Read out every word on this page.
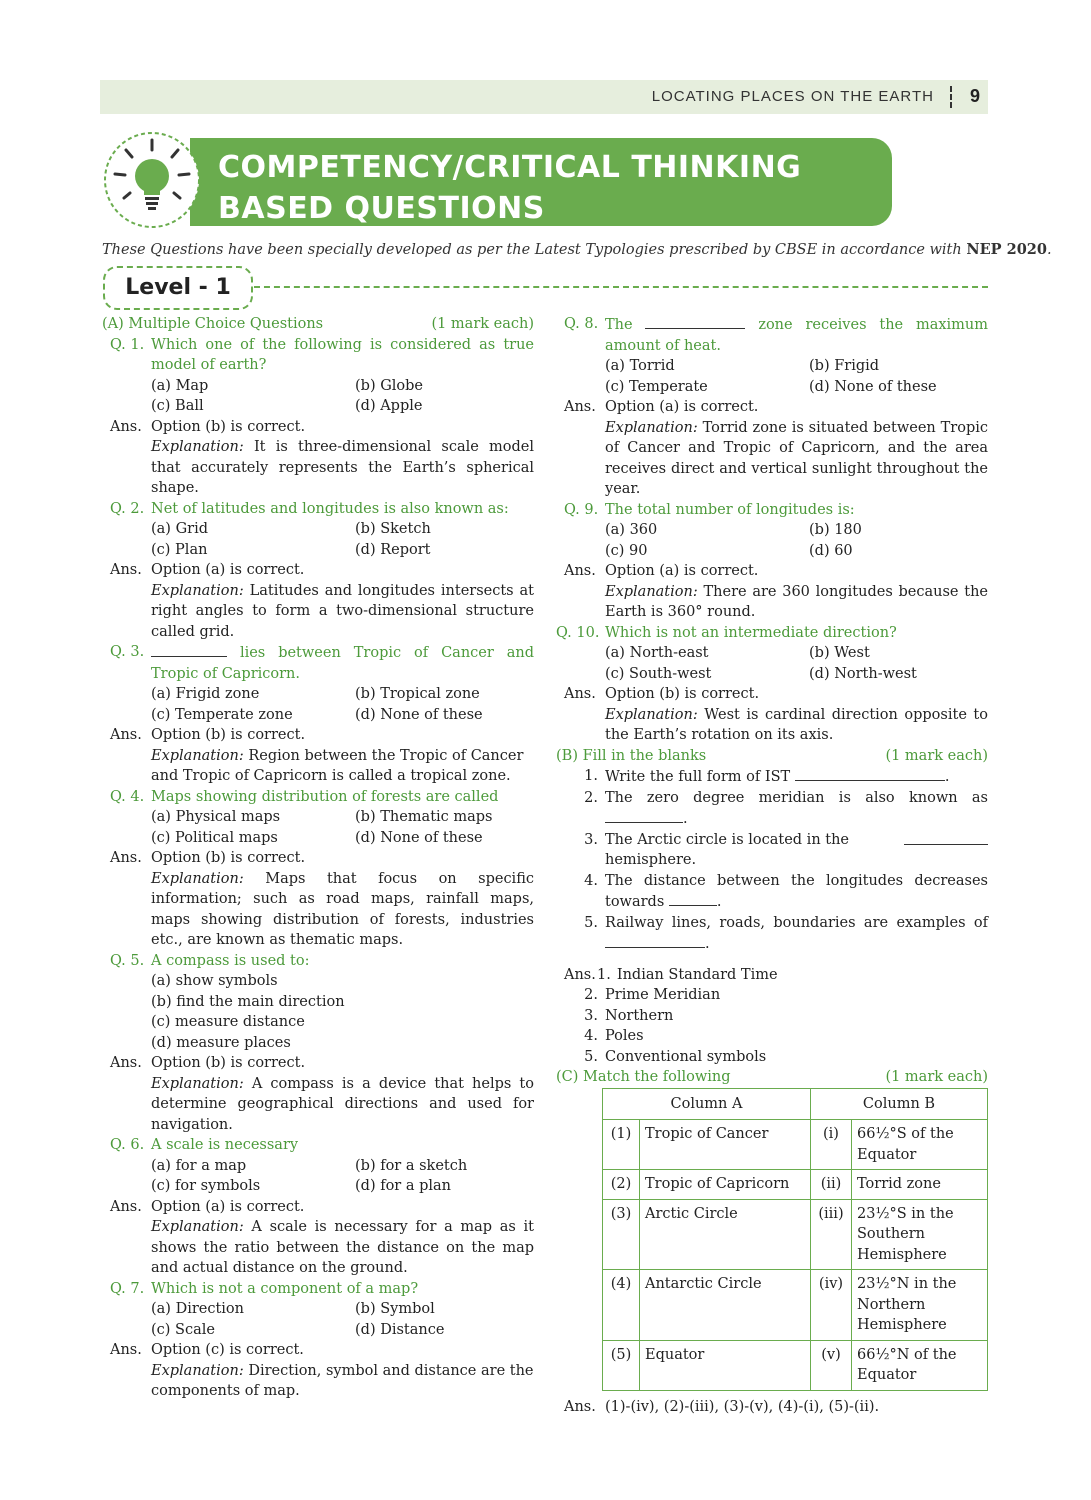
LOCATING PLACES ON THE EARTH 9
COMPETENCY/CRITICAL THINKING
BASED QUESTIONS
These Questions have been specially developed as per the Latest Typologies prescribed by CBSE in accordance with NEP 2020.
Level - 1
(A) Multiple Choice Questions	(1 mark each)
Q. 1. Which one of the following is considered as true model of earth?
(a) Map	(b) Globe
(c) Ball	(d) Apple
Ans. Option (b) is correct.
Explanation: It is three-dimensional scale model that accurately represents the Earth’s spherical shape.
Q. 2. Net of latitudes and longitudes is also known as:
(a) Grid	(b) Sketch
(c) Plan	(d) Report
Ans. Option (a) is correct.
Explanation: Latitudes and longitudes intersects at right angles to form a two-dimensional structure called grid.
Q. 3.	lies between Tropic of Cancer and Tropic of Capricorn.
(a) Frigid zone	(b) Tropical zone
(c) Temperate zone	(d) None of these
Ans. Option (b) is correct.
Explanation: Region between the Tropic of Cancer and Tropic of Capricorn is called a tropical zone.
Q. 4. Maps showing distribution of forests are called
(a) Physical maps	(b) Thematic maps
(c) Political maps	(d) None of these
Ans. Option (b) is correct.
Explanation: Maps that focus on specific information; such as road maps, rainfall maps, maps showing distribution of forests, industries etc., are known as thematic maps.
Q. 5. A compass is used to:
(a) show symbols
(b) find the main direction
(c) measure distance
(d) measure places
Ans. Option (b) is correct.
Explanation: A compass is a device that helps to determine geographical directions and used for navigation.
Q. 6. A scale is necessary
(a) for a map	(b) for a sketch
(c) for symbols	(d) for a plan
Ans. Option (a) is correct.
Explanation: A scale is necessary for a map as it shows the ratio between the distance on the map and actual distance on the ground.
Q. 7. Which is not a component of a map?
(a) Direction	(b) Symbol
(c) Scale	(d) Distance
Ans. Option (c) is correct.
Explanation: Direction, symbol and distance are the components of map.
Q. 8. The	zone receives the maximum amount of heat.
(a) Torrid	(b) Frigid
(c) Temperate	(d) None of these
Ans. Option (a) is correct.
Explanation: Torrid zone is situated between Tropic of Cancer and Tropic of Capricorn, and the area receives direct and vertical sunlight throughout the year.
Q. 9. The total number of longitudes is:
(a) 360	(b) 180
(c) 90	(d) 60
Ans. Option (a) is correct.
Explanation: There are 360 longitudes because the Earth is 360° round.
Q. 10. Which is not an intermediate direction?
(a) North-east	(b) West
(c) South-west	(d) North-west
Ans. Option (b) is correct.
Explanation: West is cardinal direction opposite to the Earth’s rotation on its axis.
(B) Fill in the blanks	(1 mark each)
1. Write the full form of IST	.
2. The zero degree meridian is also known as
.
3. The Arctic circle is located in the
hemisphere.
4. The distance between the longitudes decreases towards	.
5. Railway lines, roads, boundaries are examples of .
Ans. 1. Indian Standard Time
2. Prime Meridian
3. Northern
4. Poles
5. Conventional symbols
(C) Match the following	(1 mark each)
Column A		Column B	
(1)	Tropic of Cancer	(i)	66½°S of the Equator
(2)	Tropic of Capricorn	(ii)	Torrid zone
(3)	Arctic Circle	(iii)	23½°S in the Southern Hemisphere
(4)	Antarctic Circle	(iv)	23½°N in the Northern Hemisphere
(5)	Equator	(v)	66½°N of the Equator
Ans. (1)-(iv), (2)-(iii), (3)-(v), (4)-(i), (5)-(ii).
